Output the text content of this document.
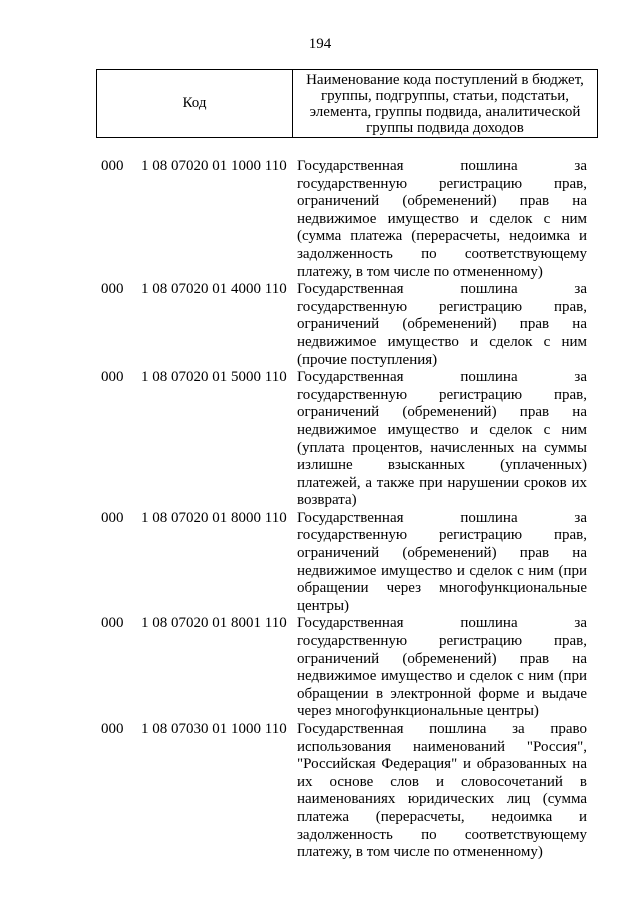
194
Код
Наименование кода поступлений в бюджет, группы, подгруппы, статьи, подстатьи, элемента, группы подвида, аналитической группы подвида доходов
000 1 08 07020 01 1000 110 Государственная пошлина за государственную регистрацию прав, ограничений (обременений) прав на недвижимое имущество и сделок с ним (сумма платежа (перерасчеты, недоимка и задолженность по соответствующему платежу, в том числе по отмененному)
000 1 08 07020 01 4000 110 Государственная пошлина за государственную регистрацию прав, ограничений (обременений) прав на недвижимое имущество и сделок с ним (прочие поступления)
000 1 08 07020 01 5000 110 Государственная пошлина за государственную регистрацию прав, ограничений (обременений) прав на недвижимое имущество и сделок с ним (уплата процентов, начисленных на суммы излишне взысканных (уплаченных) платежей, а также при нарушении сроков их возврата)
000 1 08 07020 01 8000 110 Государственная пошлина за государственную регистрацию прав, ограничений (обременений) прав на недвижимое имущество и сделок с ним (при обращении через многофункциональные центры)
000 1 08 07020 01 8001 110 Государственная пошлина за государственную регистрацию прав, ограничений (обременений) прав на недвижимое имущество и сделок с ним (при обращении в электронной форме и выдаче через многофункциональные центры)
000 1 08 07030 01 1000 110 Государственная пошлина за право использования наименований "Россия", "Российская Федерация" и образованных на их основе слов и словосочетаний в наименованиях юридических лиц (сумма платежа (перерасчеты, недоимка и задолженность по соответствующему платежу, в том числе по отмененному)
